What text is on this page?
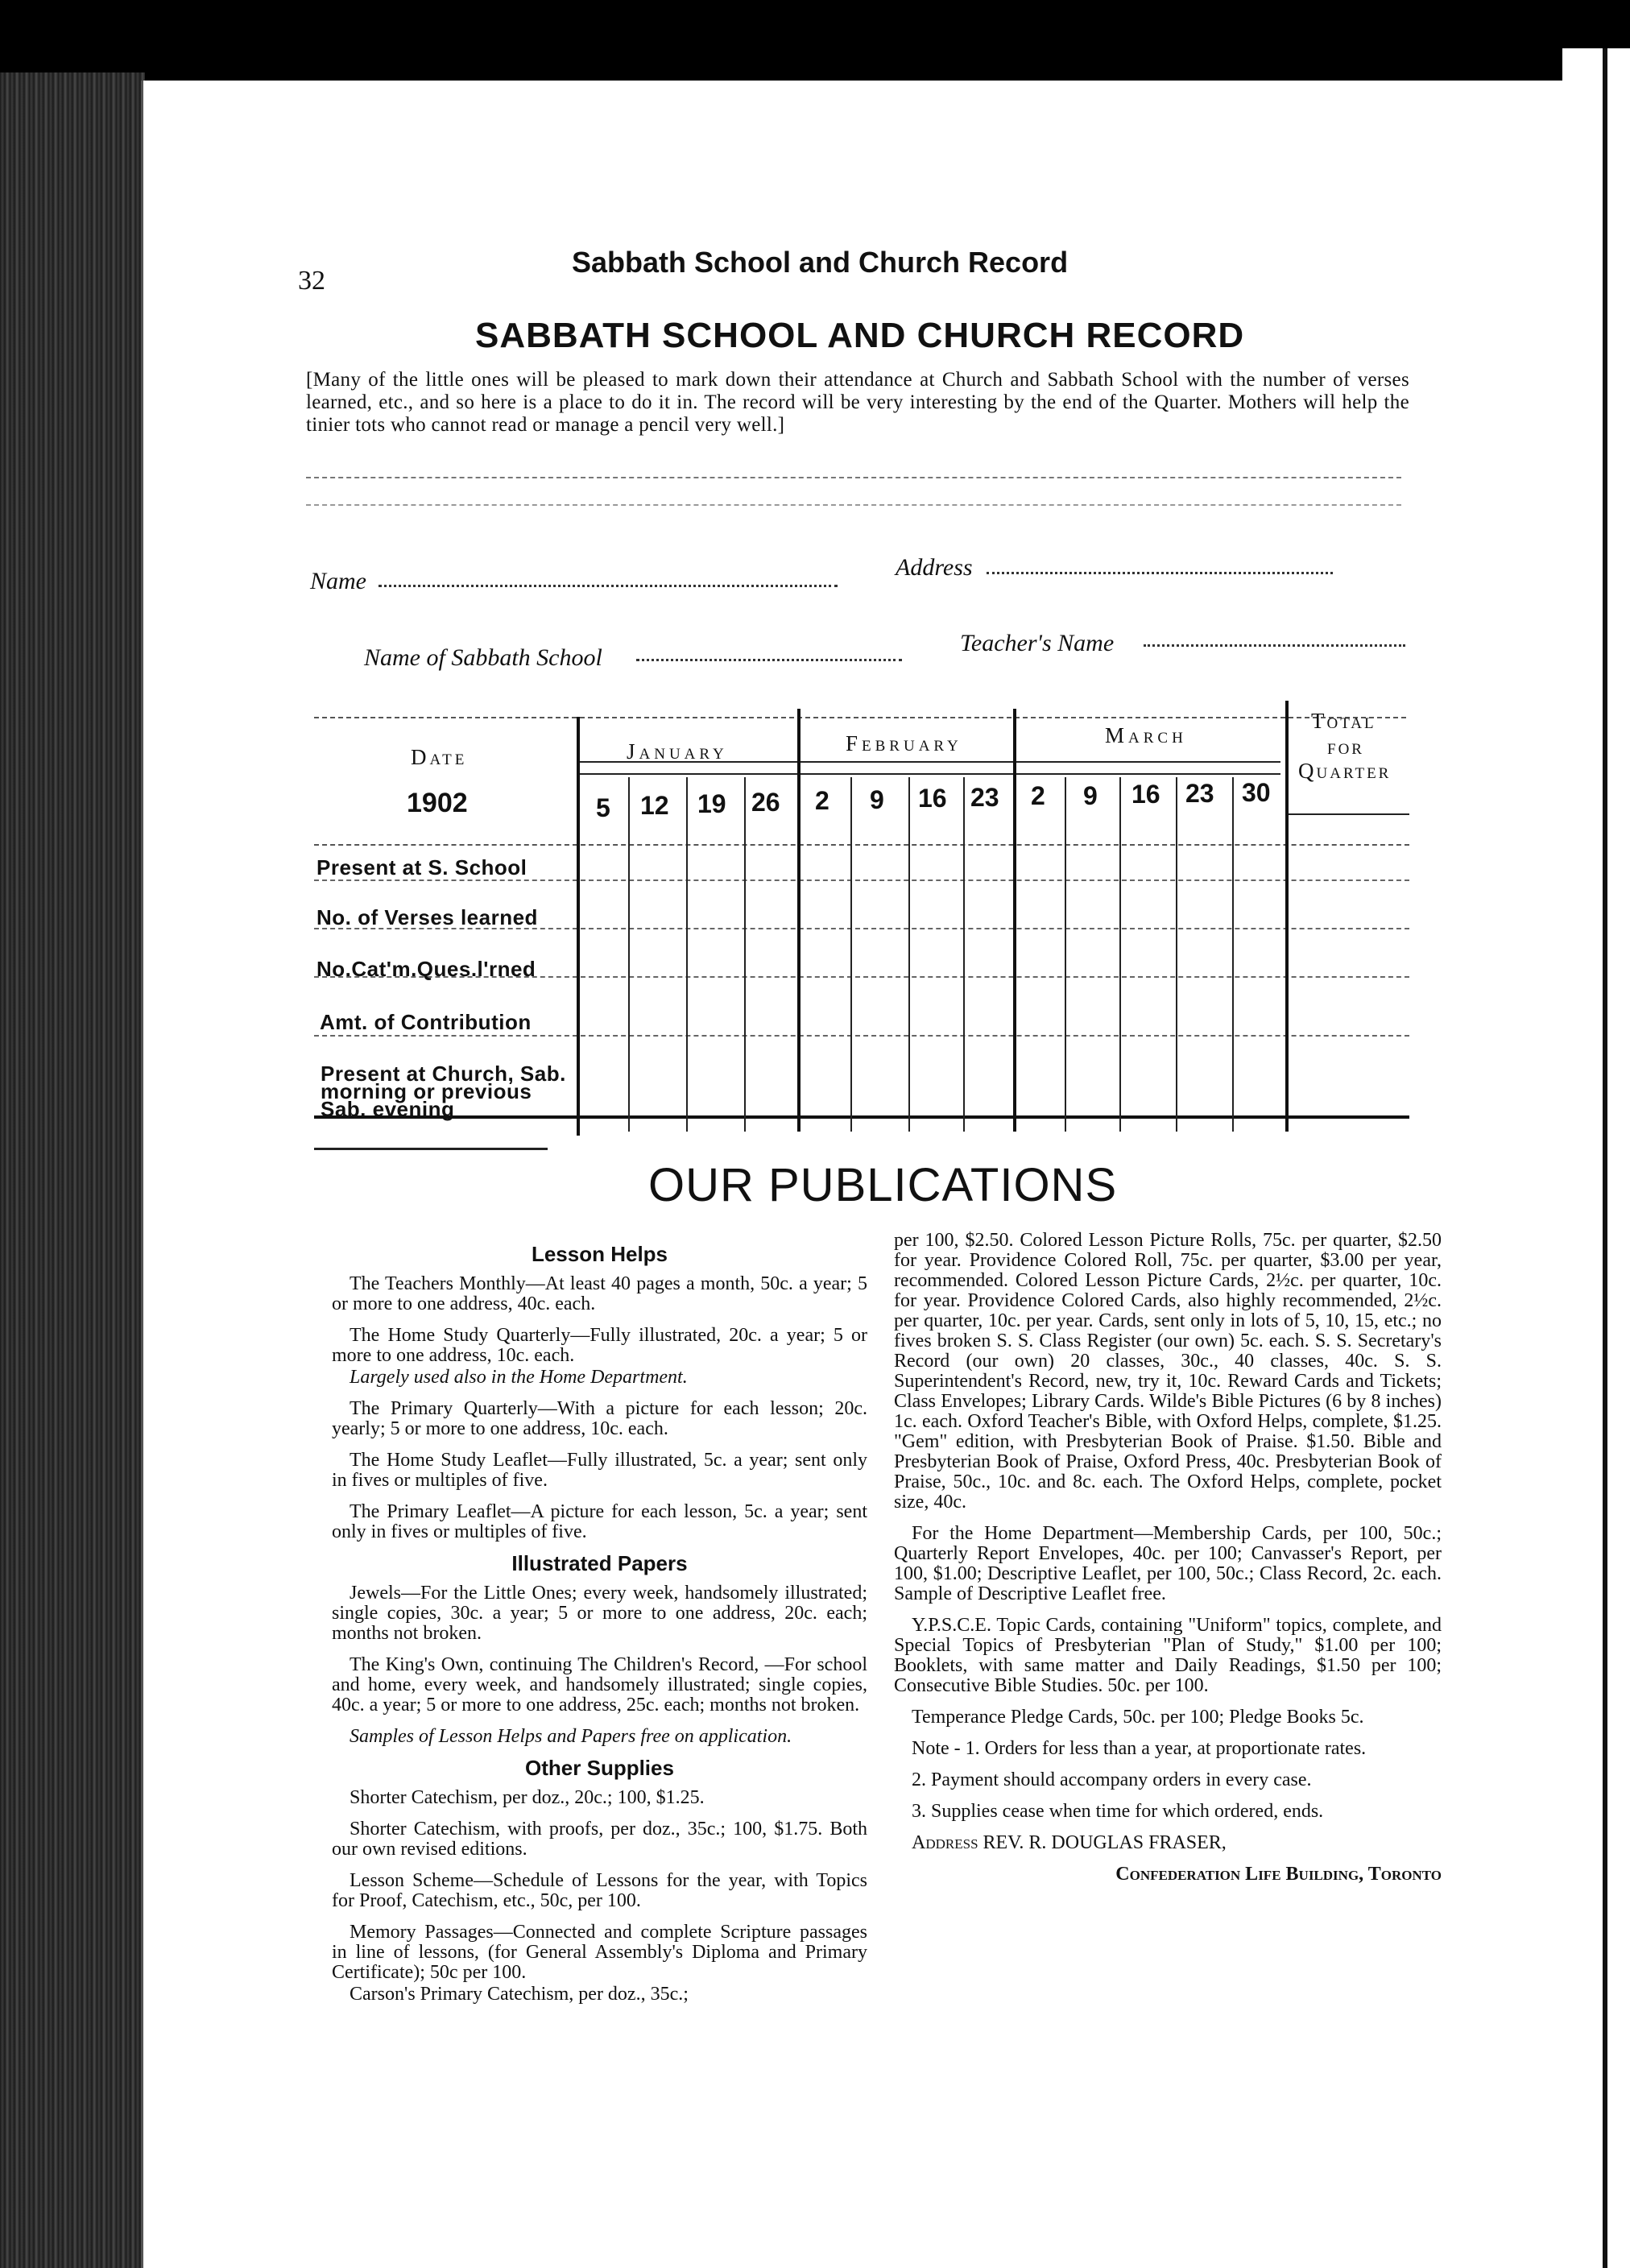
32
Sabbath School and Church Record
SABBATH SCHOOL AND CHURCH RECORD
[Many of the little ones will be pleased to mark down their attendance at Church and Sabbath School with the number of verses learned, etc., and so here is a place to do it in. The record will be very interesting by the end of the Quarter. Mothers will help the tinier tots who cannot read or manage a pencil very well.]
Name
Address
Name of Sabbath School
Teacher's Name
Date
1902
January	February	March
Total
for
Quarter
5 12 19 26 2 9 16 23 2 9 16 23 30
Present at S. School
No. of Verses learned
No.Cat'm.Ques.l'rned
Amt. of Contribution
Present at Church, Sab. morning or previous Sab. evening
OUR PUBLICATIONS
Lesson Helps

The Teachers Monthly—At least 40 pages a month, 50c. a year; 5 or more to one address, 40c. each.

The Home Study Quarterly—Fully illustrated, 20c. a year; 5 or more to one address, 10c. each.

Largely used also in the Home Department.

The Primary Quarterly—With a picture for each lesson; 20c. yearly; 5 or more to one address, 10c. each.

The Home Study Leaflet—Fully illustrated, 5c. a year; sent only in fives or multiples of five.

The Primary Leaflet—A picture for each lesson, 5c. a year; sent only in fives or multiples of five.

Illustrated Papers

Jewels—For the Little Ones; every week, handsomely illustrated; single copies, 30c. a year; 5 or more to one address, 20c. each; months not broken.

The King's Own, continuing The Children's Record, —For school and home, every week, and handsomely illustrated; single copies, 40c. a year; 5 or more to one address, 25c. each; months not broken.

Samples of Lesson Helps and Papers free on application.

Other Supplies

Shorter Catechism, per doz., 20c.; 100, $1.25.

Shorter Catechism, with proofs, per doz., 35c.; 100, $1.75. Both our own revised editions.

Lesson Scheme—Schedule of Lessons for the year, with Topics for Proof, Catechism, etc., 50c, per 100.

Memory Passages—Connected and complete Scripture passages in line of lessons, (for General Assembly's Diploma and Primary Certificate); 50c per 100.

Carson's Primary Catechism, per doz., 35c.;

per 100, $2.50. Colored Lesson Picture Rolls, 75c. per quarter, $2.50 for year. Providence Colored Roll, 75c. per quarter, $3.00 per year, recommended. Colored Lesson Picture Cards, 2½c. per quarter, 10c. for year. Providence Colored Cards, also highly recommended, 2½c. per quarter, 10c. per year. Cards, sent only in lots of 5, 10, 15, etc.; no fives broken S. S. Class Register (our own) 5c. each. S. S. Secretary's Record (our own) 20 classes, 30c., 40 classes, 40c. S. S. Superintendent's Record, new, try it, 10c. Reward Cards and Tickets; Class Envelopes; Library Cards. Wilde's Bible Pictures (6 by 8 inches) 1c. each. Oxford Teacher's Bible, with Oxford Helps, complete, $1.25. "Gem" edition, with Presbyterian Book of Praise. $1.50. Bible and Presbyterian Book of Praise, Oxford Press, 40c. Presbyterian Book of Praise, 50c., 10c. and 8c. each. The Oxford Helps, complete, pocket size, 40c.

For the Home Department—Membership Cards, per 100, 50c.; Quarterly Report Envelopes, 40c. per 100; Canvasser's Report, per 100, $1.00; Descriptive Leaflet, per 100, 50c.; Class Record, 2c. each. Sample of Descriptive Leaflet free.

Y.P.S.C.E. Topic Cards, containing "Uniform" topics, complete, and Special Topics of Presbyterian "Plan of Study," $1.00 per 100; Booklets, with same matter and Daily Readings, $1.50 per 100; Consecutive Bible Studies. 50c. per 100.

Temperance Pledge Cards, 50c. per 100; Pledge Books 5c.

Note - 1. Orders for less than a year, at proportionate rates.

2. Payment should accompany orders in every case.

3. Supplies cease when time for which ordered, ends.

Address REV. R. DOUGLAS FRASER,

Confederation Life Building, Toronto
